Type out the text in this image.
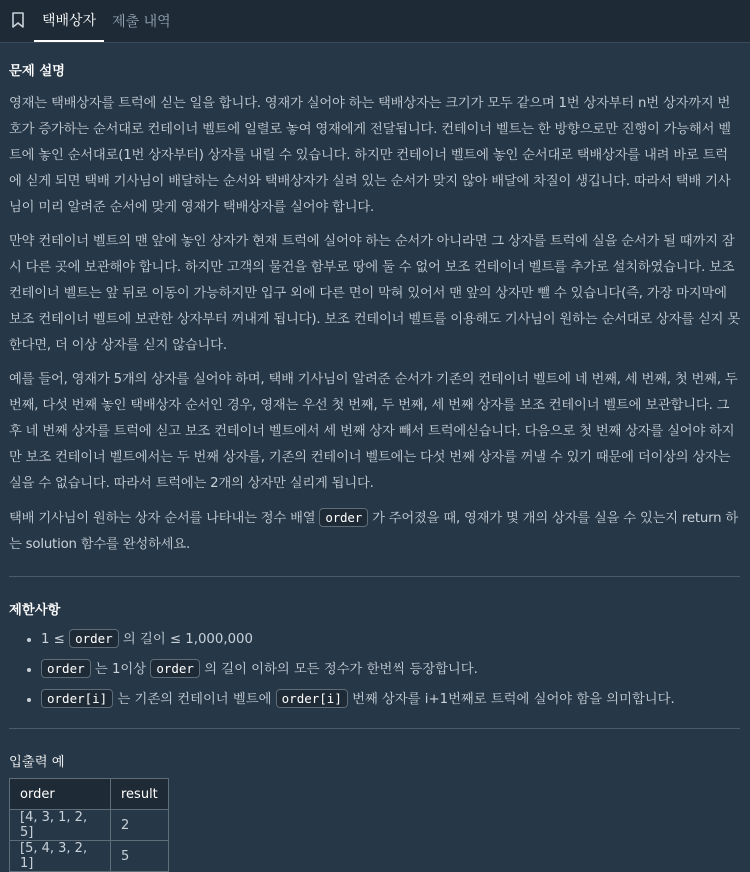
택배상자	제출 내역
문제 설명

영재는 택배상자를 트럭에 싣는 일을 합니다. 영재가 실어야 하는 택배상자는 크기가 모두 같으며 1번 상자부터 n번 상자까지 번호가 증가하는 순서대로 컨테이너 벨트에 일렬로 놓여 영재에게 전달됩니다. 컨테이너 벨트는 한 방향으로만 진행이 가능해서 벨트에 놓인 순서대로(1번 상자부터) 상자를 내릴 수 있습니다. 하지만 컨테이너 벨트에 놓인 순서대로 택배상자를 내려 바로 트럭에 싣게 되면 택배 기사님이 배달하는 순서와 택배상자가 실려 있는 순서가 맞지 않아 배달에 차질이 생깁니다. 따라서 택배 기사님이 미리 알려준 순서에 맞게 영재가 택배상자를 실어야 합니다.

만약 컨테이너 벨트의 맨 앞에 놓인 상자가 현재 트럭에 실어야 하는 순서가 아니라면 그 상자를 트럭에 실을 순서가 될 때까지 잠시 다른 곳에 보관해야 합니다. 하지만 고객의 물건을 함부로 땅에 둘 수 없어 보조 컨테이너 벨트를 추가로 설치하였습니다. 보조 컨테이너 벨트는 앞 뒤로 이동이 가능하지만 입구 외에 다른 면이 막혀 있어서 맨 앞의 상자만 뺄 수 있습니다(즉, 가장 마지막에 보조 컨테이너 벨트에 보관한 상자부터 꺼내게 됩니다). 보조 컨테이너 벨트를 이용해도 기사님이 원하는 순서대로 상자를 싣지 못 한다면, 더 이상 상자를 싣지 않습니다.

예를 들어, 영재가 5개의 상자를 실어야 하며, 택배 기사님이 알려준 순서가 기존의 컨테이너 벨트에 네 번째, 세 번째, 첫 번째, 두 번째, 다섯 번째 놓인 택배상자 순서인 경우, 영재는 우선 첫 번째, 두 번째, 세 번째 상자를 보조 컨테이너 벨트에 보관합니다. 그 후 네 번째 상자를 트럭에 싣고 보조 컨테이너 벨트에서 세 번째 상자 빼서 트럭에싣습니다. 다음으로 첫 번째 상자를 실어야 하지만 보조 컨테이너 벨트에서는 두 번째 상자를, 기존의 컨테이너 벨트에는 다섯 번째 상자를 꺼낼 수 있기 때문에 더이상의 상자는 실을 수 없습니다. 따라서 트럭에는 2개의 상자만 실리게 됩니다.

택배 기사님이 원하는 상자 순서를 나타내는 정수 배열 order 가 주어졌을 때, 영재가 몇 개의 상자를 실을 수 있는지 return 하는 solution 함수를 완성하세요.

제한사항
• 1 ≤ order 의 길이 ≤ 1,000,000
• order 는 1이상 order 의 길이 이하의 모든 정수가 한번씩 등장합니다.
• order[i] 는 기존의 컨테이너 벨트에 order[i] 번째 상자를 i+1번째로 트럭에 실어야 함을 의미합니다.
입출력 예
order	result
[4, 3, 1, 2, 5]	2
[5, 4, 3, 2, 1]	5
